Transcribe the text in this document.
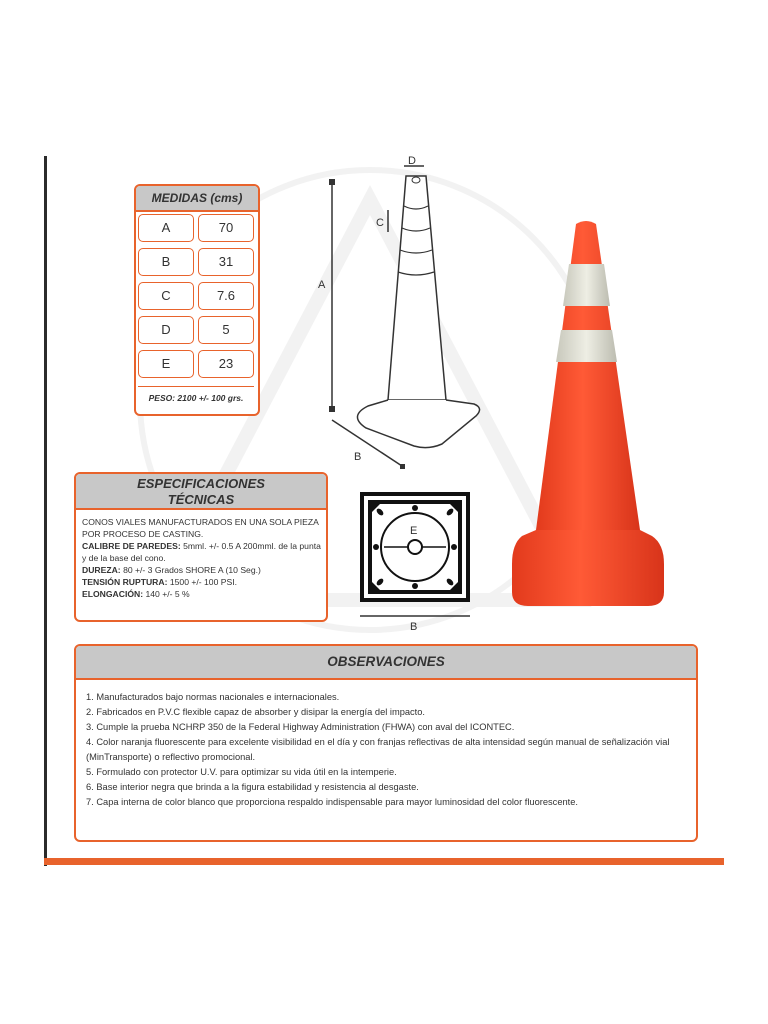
MEDIDAS (cms)
A	70
B	31
C	7.6
D	5
E	23
PESO: 2100 +/- 100 grs.
D
C
A
B
E
B
ESPECIFICACIONES
TÉCNICAS
CONOS VIALES MANUFACTURADOS EN UNA SOLA PIEZA POR PROCESO DE CASTING.
CALIBRE DE PAREDES: 5mml. +/- 0.5 A 200mml. de la punta y de la base del cono.
DUREZA: 80 +/- 3 Grados SHORE A (10 Seg.)
TENSIÓN RUPTURA: 1500 +/- 100 PSI.
ELONGACIÓN: 140 +/- 5 %
OBSERVACIONES
1. Manufacturados bajo normas nacionales e internacionales.
2. Fabricados en P.V.C flexible capaz de absorber y disipar la energía del impacto.
3. Cumple la prueba NCHRP 350 de la Federal Highway Administration (FHWA) con aval del ICONTEC.
4. Color naranja fluorescente para excelente visibilidad en el día y con franjas reflectivas de alta intensidad según manual de señalización vial (MinTransporte) o reflectivo promocional.
5. Formulado con protector U.V. para optimizar su vida útil en la intemperie.
6. Base interior negra que brinda a la figura estabilidad y resistencia al desgaste.
7. Capa interna de color blanco que proporciona respaldo indispensable para mayor luminosidad del color fluorescente.
